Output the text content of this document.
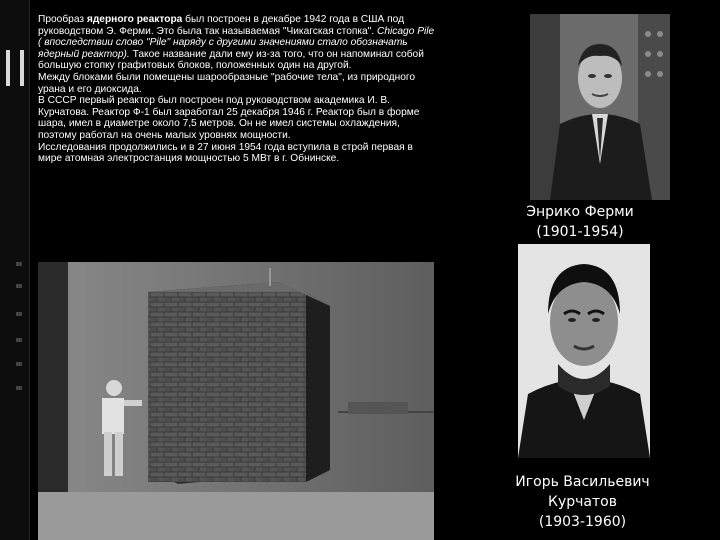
Прообраз ядерного реактора был построен в декабре 1942 года в США под руководством Э. Ферми. Это была так называемая "Чикагская стопка". Chicago Pile ( впоследствии слово "Pile" наряду с другими значениями стало обозначать ядерный реактор). Такое название дали ему из-за того, что он напоминал собой большую стопку графитовых блоков, положенных один на другой.

Между блоками были помещены шарообразные "рабочие тела", из природного урана и его диоксида.

В СССР первый реактор был построен под руководством академика И. В. Курчатова. Реактор Ф-1 был заработал 25 декабря 1946 г. Реактор был в форме шара, имел в диаметре около 7,5 метров. Он не имел системы охлаждения, поэтому работал на очень малых уровнях мощности.

Исследования продолжились и в 27 июня 1954 года вступила в строй первая в мире атомная электростанция мощностью 5 МВт в г. Обнинске.

Энрико Ферми
(1901-1954)
Игорь Васильевич
Курчатов
(1903-1960)
